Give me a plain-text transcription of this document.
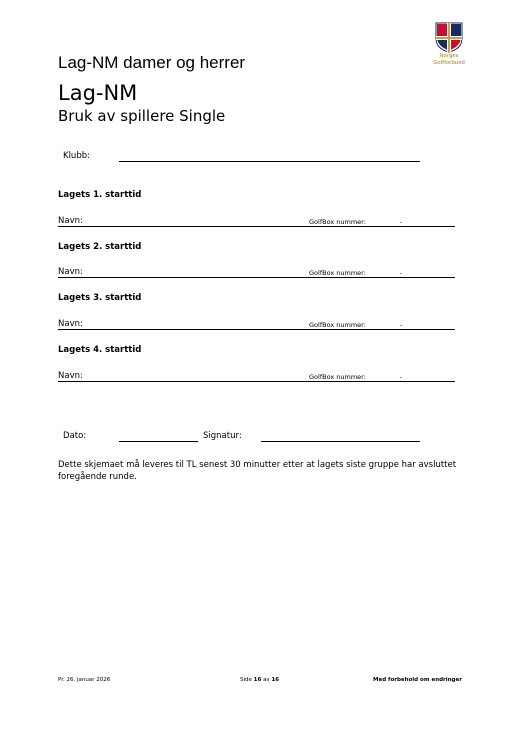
Lag-NM damer og herrer	Norges
Golfforbund
Lag-NM
Bruk av spillere Single
Klubb:
Lagets 1. starttid
Navn:	GolfBox nummer:	-
Lagets 2. starttid
Navn:	GolfBox nummer:	-
Lagets 3. starttid
Navn:	GolfBox nummer:	-
Lagets 4. starttid
Navn:	GolfBox nummer:	-
Dato:	Signatur:
Dette skjemaet må leveres til TL senest 30 minutter etter at lagets siste gruppe har avsluttet foregående runde.
Pr. 26. januar 2026	Side 16 av 16	Med forbehold om endringer
